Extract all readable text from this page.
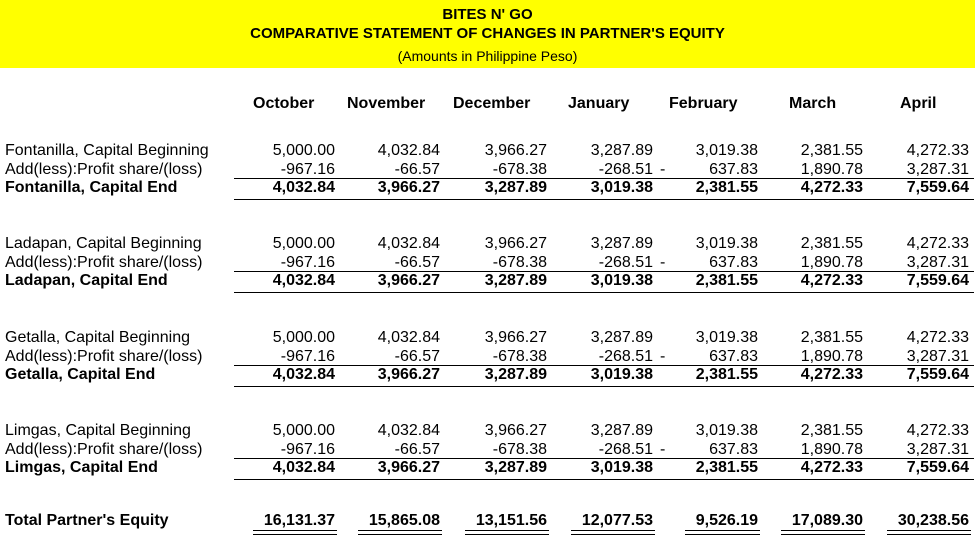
BITES N' GO
COMPARATIVE STATEMENT OF CHANGES IN PARTNER'S EQUITY
(Amounts in Philippine Peso)
October November December January February	March	April
Fontanilla, Capital Beginning	5,000.00	4,032.84	3,966.27	3,287.89	3,019.38	2,381.55	4,272.33
Add(less):Profit share/(loss)	-967.16	-66.57	-678.38	-268.51	637.83	1,890.78	3,287.31
Fontanilla, Capital End	4,032.84	3,966.27	3,287.89	3,019.38	2,381.55	4,272.33	7,559.64
-
Ladapan, Capital Beginning	5,000.00	4,032.84	3,966.27	3,287.89	3,019.38	2,381.55	4,272.33
Add(less):Profit share/(loss)	-967.16	-66.57	-678.38	-268.51	637.83	1,890.78	3,287.31
Ladapan, Capital End	4,032.84	3,966.27	3,287.89	3,019.38	2,381.55	4,272.33	7,559.64
-
Getalla, Capital Beginning	5,000.00	4,032.84	3,966.27	3,287.89	3,019.38	2,381.55	4,272.33
Add(less):Profit share/(loss)	-967.16	-66.57	-678.38	-268.51	637.83	1,890.78	3,287.31
Getalla, Capital End	4,032.84	3,966.27	3,287.89	3,019.38	2,381.55	4,272.33	7,559.64
-
Limgas, Capital Beginning	5,000.00	4,032.84	3,966.27	3,287.89	3,019.38	2,381.55	4,272.33
Add(less):Profit share/(loss)	-967.16	-66.57	-678.38	-268.51	637.83	1,890.78	3,287.31
Limgas, Capital End	4,032.84	3,966.27	3,287.89	3,019.38	2,381.55	4,272.33	7,559.64
-
Total Partner's Equity	16,131.37	15,865.08	13,151.56	12,077.53	9,526.19	17,089.30	30,238.56
